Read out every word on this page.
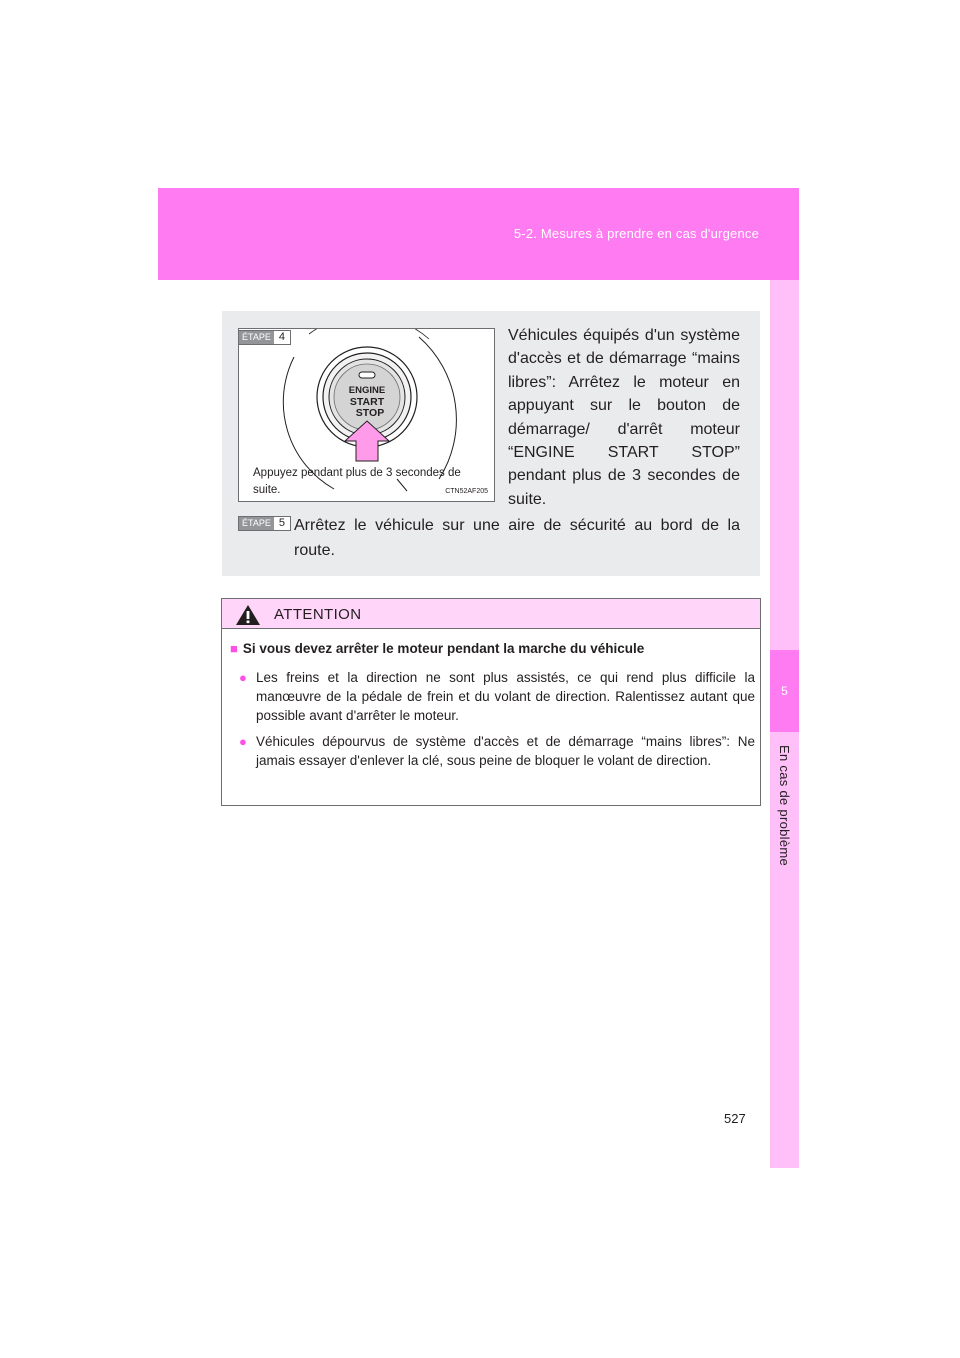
5-2. Mesures à prendre en cas d'urgence
5
En cas de problème
ENGINE
START
STOP
ÉTAPE 4
Appuyez pendant plus de 3 secondes de suite.	CTN52AF205
Véhicules équipés d'un système d'accès et de démarrage “mains libres”: Arrêtez le moteur en appuyant sur le bouton de démarrage/ d'arrêt moteur “ENGINE START STOP” pendant plus de 3 secondes de suite.
ÉTAPE 5 Arrêtez le véhicule sur une aire de sécurité au bord de la route.
ATTENTION
■ Si vous devez arrêter le moteur pendant la marche du véhicule
● Les freins et la direction ne sont plus assistés, ce qui rend plus difficile la manœuvre de la pédale de frein et du volant de direction. Ralentissez autant que possible avant d'arrêter le moteur.
● Véhicules dépourvus de système d'accès et de démarrage “mains libres”: Ne jamais essayer d'enlever la clé, sous peine de bloquer le volant de direction.
527
